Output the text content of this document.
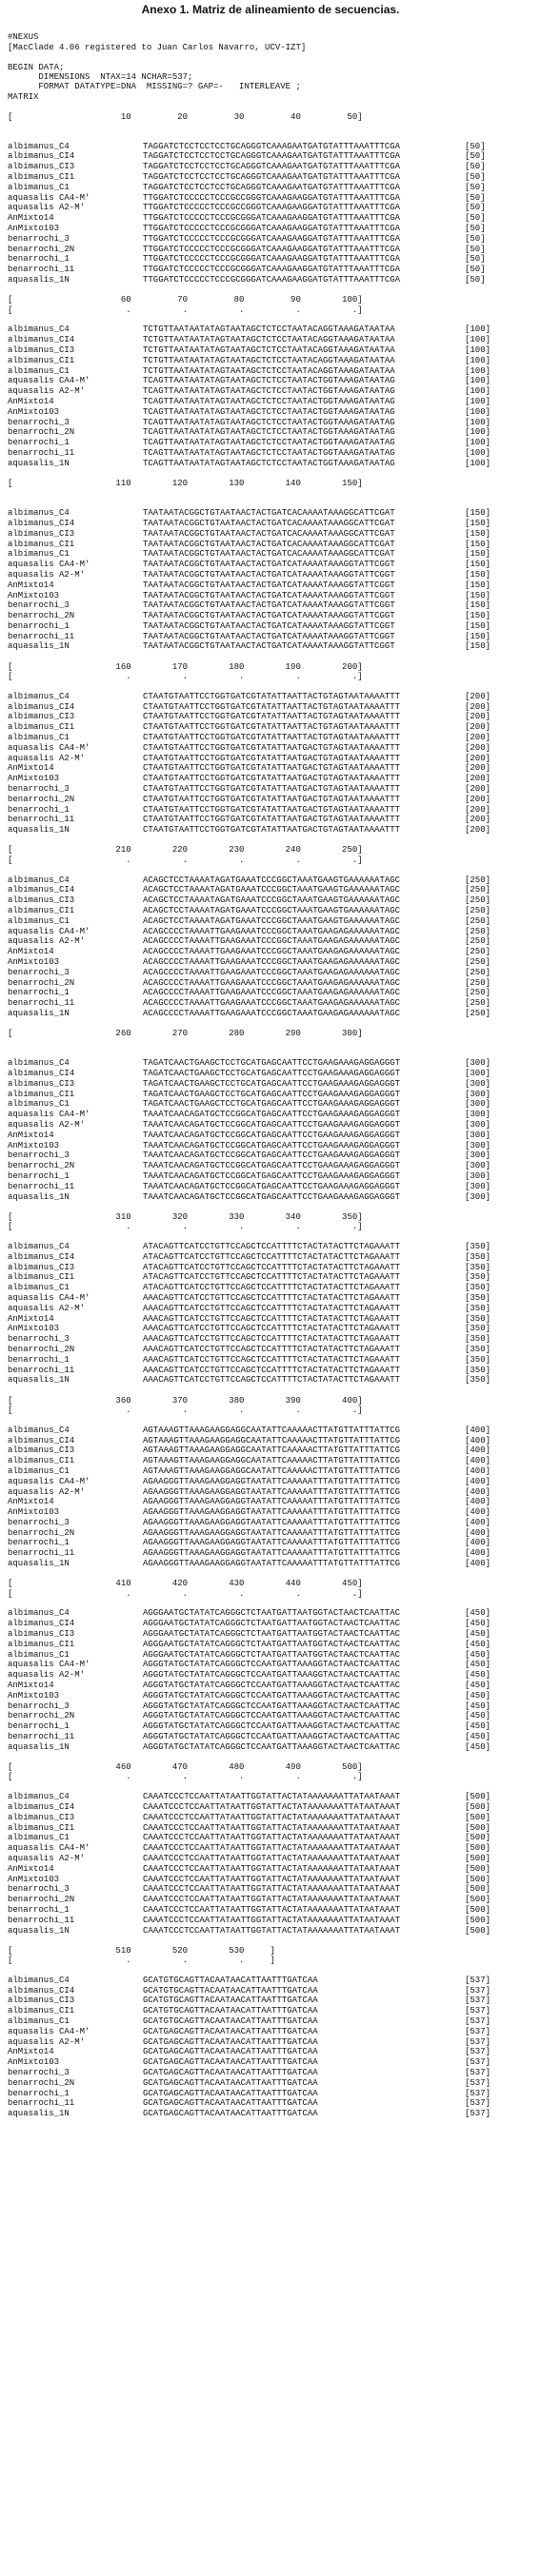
Anexo 1. Matriz de alineamiento de secuencias.
#NEXUS
[MacClade 4.06 registered to Juan Carlos Navarro, UCV-IZT]
BEGIN DATA;
DIMENSIONS  NTAX=14 NCHAR=537;
FORMAT DATATYPE=DNA  MISSING=? GAP=-   INTERLEAVE ;
MATRIX
[                     10         20         30         40         50]
albimanus_C4	TAGGATCTCCTCCTCCTGCAGGGTCAAAGAATGATGTATTTAAATTTCGA	[50]
albimanus_CI4	TAGGATCTCCTCCTCCTGCAGGGTCAAAGAATGATGTATTTAAATTTCGA	[50]
albimanus_CI3	TAGGATCTCCTCCTCCTGCAGGGTCAAAGAATGATGTATTTAAATTTCGA	[50]
albimanus_CI1	TAGGATCTCCTCCTCCTGCAGGGTCAAAGAATGATGTATTTAAATTTCGA	[50]
albimanus_C1	TAGGATCTCCTCCTCCTGCAGGGTCAAAGAATGATGTATTTAAATTTCGA	[50]
aquasalis CA4-M'	TTGGATCTCCCCCTCCCGCCGGGTCAAAGAAGGATGTATTTAAATTTCGA	[50]
aquasalis A2-M'	TTGGATCTCCCCCTCCCGCCGGGTCAAAGAAGGATGTATTTAAATTTCGA	[50]
AnMixto14	TTGGATCTCCCCCTCCCGCGGGATCAAAGAAGGATGTATTTAAATTTCGA	[50]
AnMixto103	TTGGATCTCCCCCTCCCGCGGGATCAAAGAAGGATGTATTTAAATTTCGA	[50]
benarrochi_3	TTGGATCTCCCCCTCCCGCGGGATCAAAGAAGGATGTATTTAAATTTCGA	[50]
benarrochi_2N	TTGGATCTCCCCCTCCCGCGGGATCAAAGAAGGATGTATTTAAATTTCGA	[50]
benarrochi_1	TTGGATCTCCCCCTCCCGCGGGATCAAAGAAGGATGTATTTAAATTTCGA	[50]
benarrochi_11	TTGGATCTCCCCCTCCCGCGGGATCAAAGAAGGATGTATTTAAATTTCGA	[50]
aquasalis_1N	TTGGATCTCCCCCTCCCGCGGGATCAAAGAAGGATGTATTTAAATTTCGA	[50]
[                     60         70         80         90        100]
[                      .          .          .          .          .]
albimanus_C4	TCTGTTAATAATATAGTAATAGCTCTCCTAATACAGGTAAAGATAATAA	[100]
albimanus_CI4	TCTGTTAATAATATAGTAATAGCTCTCCTAATACAGGTAAAGATAATAA	[100]
albimanus_CI3	TCTGTTAATAATATAGTAATAGCTCTCCTAATACAGGTAAAGATAATAA	[100]
albimanus_CI1	TCTGTTAATAATATAGTAATAGCTCTCCTAATACAGGTAAAGATAATAA	[100]
albimanus_C1	TCTGTTAATAATATAGTAATAGCTCTCCTAATACAGGTAAAGATAATAA	[100]
aquasalis CA4-M'	TCAGTTAATAATATAGTAATAGCTCTCCTAATACTGGTAAAGATAATAG	[100]
aquasalis A2-M'	TCAGTTAATAATATAGTAATAGCTCTCCTAATACTGGTAAAGATAATAG	[100]
AnMixto14	TCAGTTAATAATATAGTAATAGCTCTCCTAATACTGGTAAAGATAATAG	[100]
AnMixto103	TCAGTTAATAATATAGTAATAGCTCTCCTAATACTGGTAAAGATAATAG	[100]
benarrochi_3	TCAGTTAATAATATAGTAATAGCTCTCCTAATACTGGTAAAGATAATAG	[100]
benarrochi_2N	TCAGTTAATAATATAGTAATAGCTCTCCTAATACTGGTAAAGATAATAG	[100]
benarrochi_1	TCAGTTAATAATATAGTAATAGCTCTCCTAATACTGGTAAAGATAATAG	[100]
benarrochi_11	TCAGTTAATAATATAGTAATAGCTCTCCTAATACTGGTAAAGATAATAG	[100]
aquasalis_1N	TCAGTTAATAATATAGTAATAGCTCTCCTAATACTGGTAAAGATAATAG	[100]
[                    110        120        130        140        150]
albimanus_C4	TAATAATACGGCTGTAATAACTACTGATCACAAAATAAAGGCATTCGAT	[150]
albimanus_CI4	TAATAATACGGCTGTAATAACTACTGATCACAAAATAAAGGCATTCGAT	[150]
albimanus_CI3	TAATAATACGGCTGTAATAACTACTGATCACAAAATAAAGGCATTCGAT	[150]
albimanus_CI1	TAATAATACGGCTGTAATAACTACTGATCACAAAATAAAGGCATTCGAT	[150]
albimanus_C1	TAATAATACGGCTGTAATAACTACTGATCACAAAATAAAGGCATTCGAT	[150]
aquasalis CA4-M'	TAATAATACGGCTGTAATAACTACTGATCATAAAATAAAGGTATTCGGT	[150]
aquasalis A2-M'	TAATAATACGGCTGTAATAACTACTGATCATAAAATAAAGGTATTCGGT	[150]
AnMixto14	TAATAATACGGCTGTAATAACTACTGATCATAAAATAAAGGTATTCGGT	[150]
AnMixto103	TAATAATACGGCTGTAATAACTACTGATCATAAAATAAAGGTATTCGGT	[150]
benarrochi_3	TAATAATACGGCTGTAATAACTACTGATCATAAAATAAAGGTATTCGGT	[150]
benarrochi_2N	TAATAATACGGCTGTAATAACTACTGATCATAAAATAAAGGTATTCGGT	[150]
benarrochi_1	TAATAATACGGCTGTAATAACTACTGATCATAAAATAAAGGTATTCGGT	[150]
benarrochi_11	TAATAATACGGCTGTAATAACTACTGATCATAAAATAAAGGTATTCGGT	[150]
aquasalis_1N	TAATAATACGGCTGTAATAACTACTGATCATAAAATAAAGGTATTCGGT	[150]
[                    160        170        180        190        200]
[                      .          .          .          .          .]
albimanus_C4	CTAATGTAATTCCTGGTGATCGTATATTAATTACTGTAGTAATAAAATTT	[200]
albimanus_CI4	CTAATGTAATTCCTGGTGATCGTATATTAATTACTGTAGTAATAAAATTT	[200]
albimanus_CI3	CTAATGTAATTCCTGGTGATCGTATATTAATTACTGTAGTAATAAAATTT	[200]
albimanus_CI1	CTAATGTAATTCCTGGTGATCGTATATTAATTACTGTAGTAATAAAATTT	[200]
albimanus_C1	CTAATGTAATTCCTGGTGATCGTATATTAATTACTGTAGTAATAAAATTT	[200]
aquasalis CA4-M'	CTAATGTAATTCCTGGTGATCGTATATTAATGACTGTAGTAATAAAATTT	[200]
aquasalis A2-M'	CTAATGTAATTCCTGGTGATCGTATATTAATGACTGTAGTAATAAAATTT	[200]
AnMixto14	CTAATGTAATTCCTGGTGATCGTATATTAATGACTGTAGTAATAAAATTT	[200]
AnMixto103	CTAATGTAATTCCTGGTGATCGTATATTAATGACTGTAGTAATAAAATTT	[200]
benarrochi_3	CTAATGTAATTCCTGGTGATCGTATATTAATGACTGTAGTAATAAAATTT	[200]
benarrochi_2N	CTAATGTAATTCCTGGTGATCGTATATTAATGACTGTAGTAATAAAATTT	[200]
benarrochi_1	CTAATGTAATTCCTGGTGATCGTATATTAATGACTGTAGTAATAAAATTT	[200]
benarrochi_11	CTAATGTAATTCCTGGTGATCGTATATTAATGACTGTAGTAATAAAATTT	[200]
aquasalis_1N	CTAATGTAATTCCTGGTGATCGTATATTAATGACTGTAGTAATAAAATTT	[200]
[                    210        220        230        240        250]
[                      .          .          .          .          .]
albimanus_C4	ACAGCTCCTAAAATAGATGAAATCCCGGCTAAATGAAGTGAAAAAATAGC	[250]
albimanus_CI4	ACAGCTCCTAAAATAGATGAAATCCCGGCTAAATGAAGTGAAAAAATAGC	[250]
albimanus_CI3	ACAGCTCCTAAAATAGATGAAATCCCGGCTAAATGAAGTGAAAAAATAGC	[250]
albimanus_CI1	ACAGCTCCTAAAATAGATGAAATCCCGGCTAAATGAAGTGAAAAAATAGC	[250]
albimanus_C1	ACAGCTCCTAAAATAGATGAAATCCCGGCTAAATGAAGTGAAAAAATAGC	[250]
aquasalis CA4-M'	ACAGCCCCTAAAATTGAAGAAATCCCGGCTAAATGAAGAGAAAAAATAGC	[250]
aquasalis A2-M'	ACAGCCCCTAAAATTGAAGAAATCCCGGCTAAATGAAGAGAAAAAATAGC	[250]
AnMixto14	ACAGCCCCTAAAATTGAAGAAATCCCGGCTAAATGAAGAGAAAAAATAGC	[250]
AnMixto103	ACAGCCCCTAAAATTGAAGAAATCCCGGCTAAATGAAGAGAAAAAATAGC	[250]
benarrochi_3	ACAGCCCCTAAAATTGAAGAAATCCCGGCTAAATGAAGAGAAAAAATAGC	[250]
benarrochi_2N	ACAGCCCCTAAAATTGAAGAAATCCCGGCTAAATGAAGAGAAAAAATAGC	[250]
benarrochi_1	ACAGCCCCTAAAATTGAAGAAATCCCGGCTAAATGAAGAGAAAAAATAGC	[250]
benarrochi_11	ACAGCCCCTAAAATTGAAGAAATCCCGGCTAAATGAAGAGAAAAAATAGC	[250]
aquasalis_1N	ACAGCCCCTAAAATTGAAGAAATCCCGGCTAAATGAAGAGAAAAAATAGC	[250]
[                    260        270        280        290        300]
albimanus_C4	TAGATCAACTGAAGCTCCTGCATGAGCAATTCCTGAAGAAAGAGGAGGGT	[300]
albimanus_CI4	TAGATCAACTGAAGCTCCTGCATGAGCAATTCCTGAAGAAAGAGGAGGGT	[300]
albimanus_CI3	TAGATCAACTGAAGCTCCTGCATGAGCAATTCCTGAAGAAAGAGGAGGGT	[300]
albimanus_CI1	TAGATCAACTGAAGCTCCTGCATGAGCAATTCCTGAAGAAAGAGGAGGGT	[300]
albimanus_C1	TAGATCAACTGAAGCTCCTGCATGAGCAATTCCTGAAGAAAGAGGAGGGT	[300]
aquasalis CA4-M'	TAAATCAACAGATGCTCCGGCATGAGCAATTCCTGAAGAAAGAGGAGGGT	[300]
aquasalis A2-M'	TAAATCAACAGATGCTCCGGCATGAGCAATTCCTGAAGAAAGAGGAGGGT	[300]
AnMixto14	TAAATCAACAGATGCTCCGGCATGAGCAATTCCTGAAGAAAGAGGAGGGT	[300]
AnMixto103	TAAATCAACAGATGCTCCGGCATGAGCAATTCCTGAAGAAAGAGGAGGGT	[300]
benarrochi_3	TAAATCAACAGATGCTCCGGCATGAGCAATTCCTGAAGAAAGAGGAGGGT	[300]
benarrochi_2N	TAAATCAACAGATGCTCCGGCATGAGCAATTCCTGAAGAAAGAGGAGGGT	[300]
benarrochi_1	TAAATCAACAGATGCTCCGGCATGAGCAATTCCTGAAGAAAGAGGAGGGT	[300]
benarrochi_11	TAAATCAACAGATGCTCCGGCATGAGCAATTCCTGAAGAAAGAGGAGGGT	[300]
aquasalis_1N	TAAATCAACAGATGCTCCGGCATGAGCAATTCCTGAAGAAAGAGGAGGGT	[300]
[                    310        320        330        340        350]
[                      .          .          .          .          .]
albimanus_C4	ATACAGTTCATCCTGTTCCAGCTCCATTTTCTACTATACTTCTAGAAATT	[350]
albimanus_CI4	ATACAGTTCATCCTGTTCCAGCTCCATTTTCTACTATACTTCTAGAAATT	[350]
albimanus_CI3	ATACAGTTCATCCTGTTCCAGCTCCATTTTCTACTATACTTCTAGAAATT	[350]
albimanus_CI1	ATACAGTTCATCCTGTTCCAGCTCCATTTTCTACTATACTTCTAGAAATT	[350]
albimanus_C1	ATACAGTTCATCCTGTTCCAGCTCCATTTTCTACTATACTTCTAGAAATT	[350]
aquasalis CA4-M'	AAACAGTTCATCCTGTTCCAGCTCCATTTTCTACTATACTTCTAGAAATT	[350]
aquasalis A2-M'	AAACAGTTCATCCTGTTCCAGCTCCATTTTCTACTATACTTCTAGAAATT	[350]
AnMixto14	AAACAGTTCATCCTGTTCCAGCTCCATTTTCTACTATACTTCTAGAAATT	[350]
AnMixto103	AAACAGTTCATCCTGTTCCAGCTCCATTTTCTACTATACTTCTAGAAATT	[350]
benarrochi_3	AAACAGTTCATCCTGTTCCAGCTCCATTTTCTACTATACTTCTAGAAATT	[350]
benarrochi_2N	AAACAGTTCATCCTGTTCCAGCTCCATTTTCTACTATACTTCTAGAAATT	[350]
benarrochi_1	AAACAGTTCATCCTGTTCCAGCTCCATTTTCTACTATACTTCTAGAAATT	[350]
benarrochi_11	AAACAGTTCATCCTGTTCCAGCTCCATTTTCTACTATACTTCTAGAAATT	[350]
aquasalis_1N	AAACAGTTCATCCTGTTCCAGCTCCATTTTCTACTATACTTCTAGAAATT	[350]
[                    360        370        380        390        400]
[                      .          .          .          .          .]
albimanus_C4	AGTAAAGTTAAAGAAGGAGGCAATATTCAAAAACTTATGTTATTTATTCG	[400]
albimanus_CI4	AGTAAAGTTAAAGAAGGAGGCAATATTCAAAAACTTATGTTATTTATTCG	[400]
albimanus_CI3	AGTAAAGTTAAAGAAGGAGGCAATATTCAAAAACTTATGTTATTTATTCG	[400]
albimanus_CI1	AGTAAAGTTAAAGAAGGAGGCAATATTCAAAAACTTATGTTATTTATTCG	[400]
albimanus_C1	AGTAAAGTTAAAGAAGGAGGCAATATTCAAAAACTTATGTTATTTATTCG	[400]
aquasalis CA4-M'	AGAAGGGTTAAAGAAGGAGGTAATATTCAAAAATTTATGTTATTTATTCG	[400]
aquasalis A2-M'	AGAAGGGTTAAAGAAGGAGGTAATATTCAAAAATTTATGTTATTTATTCG	[400]
AnMixto14	AGAAGGGTTAAAGAAGGAGGTAATATTCAAAAATTTATGTTATTTATTCG	[400]
AnMixto103	AGAAGGGTTAAAGAAGGAGGTAATATTCAAAAATTTATGTTATTTATTCG	[400]
benarrochi_3	AGAAGGGTTAAAGAAGGAGGTAATATTCAAAAATTTATGTTATTTATTCG	[400]
benarrochi_2N	AGAAGGGTTAAAGAAGGAGGTAATATTCAAAAATTTATGTTATTTATTCG	[400]
benarrochi_1	AGAAGGGTTAAAGAAGGAGGTAATATTCAAAAATTTATGTTATTTATTCG	[400]
benarrochi_11	AGAAGGGTTAAAGAAGGAGGTAATATTCAAAAATTTATGTTATTTATTCG	[400]
aquasalis_1N	AGAAGGGTTAAAGAAGGAGGTAATATTCAAAAATTTATGTTATTTATTCG	[400]
[                    410        420        430        440        450]
[                      .          .          .          .          .]
albimanus_C4	AGGGAATGCTATATCAGGGCTCTAATGATTAATGGTACTAACTCAATTAC	[450]
albimanus_CI4	AGGGAATGCTATATCAGGGCTCTAATGATTAATGGTACTAACTCAATTAC	[450]
albimanus_CI3	AGGGAATGCTATATCAGGGCTCTAATGATTAATGGTACTAACTCAATTAC	[450]
albimanus_CI1	AGGGAATGCTATATCAGGGCTCTAATGATTAATGGTACTAACTCAATTAC	[450]
albimanus_C1	AGGGAATGCTATATCAGGGCTCTAATGATTAATGGTACTAACTCAATTAC	[450]
aquasalis CA4-M'	AGGGTATGCTATATCAGGGCTCCAATGATTAAAGGTACTAACTCAATTAC	[450]
aquasalis A2-M'	AGGGTATGCTATATCAGGGCTCCAATGATTAAAGGTACTAACTCAATTAC	[450]
AnMixto14	AGGGTATGCTATATCAGGGCTCCAATGATTAAAGGTACTAACTCAATTAC	[450]
AnMixto103	AGGGTATGCTATATCAGGGCTCCAATGATTAAAGGTACTAACTCAATTAC	[450]
benarrochi_3	AGGGTATGCTATATCAGGGCTCCAATGATTAAAGGTACTAACTCAATTAC	[450]
benarrochi_2N	AGGGTATGCTATATCAGGGCTCCAATGATTAAAGGTACTAACTCAATTAC	[450]
benarrochi_1	AGGGTATGCTATATCAGGGCTCCAATGATTAAAGGTACTAACTCAATTAC	[450]
benarrochi_11	AGGGTATGCTATATCAGGGCTCCAATGATTAAAGGTACTAACTCAATTAC	[450]
aquasalis_1N	AGGGTATGCTATATCAGGGCTCCAATGATTAAAGGTACTAACTCAATTAC	[450]
[                    460        470        480        490        500]
[                      .          .          .          .          .]
albimanus_C4	CAAATCCCTCCAATTATAATTGGTATTACTATAAAAAAATTATAATAAAT	[500]
albimanus_CI4	CAAATCCCTCCAATTATAATTGGTATTACTATAAAAAAATTATAATAAAT	[500]
albimanus_CI3	CAAATCCCTCCAATTATAATTGGTATTACTATAAAAAAATTATAATAAAT	[500]
albimanus_CI1	CAAATCCCTCCAATTATAATTGGTATTACTATAAAAAAATTATAATAAAT	[500]
albimanus_C1	CAAATCCCTCCAATTATAATTGGTATTACTATAAAAAAATTATAATAAAT	[500]
aquasalis CA4-M'	CAAATCCCTCCAATTATAATTGGTATTACTATAAAAAAATTATAATAAAT	[500]
aquasalis A2-M'	CAAATCCCTCCAATTATAATTGGTATTACTATAAAAAAATTATAATAAAT	[500]
AnMixto14	CAAATCCCTCCAATTATAATTGGTATTACTATAAAAAAATTATAATAAAT	[500]
AnMixto103	CAAATCCCTCCAATTATAATTGGTATTACTATAAAAAAATTATAATAAAT	[500]
benarrochi_3	CAAATCCCTCCAATTATAATTGGTATTACTATAAAAAAATTATAATAAAT	[500]
benarrochi_2N	CAAATCCCTCCAATTATAATTGGTATTACTATAAAAAAATTATAATAAAT	[500]
benarrochi_1	CAAATCCCTCCAATTATAATTGGTATTACTATAAAAAAATTATAATAAAT	[500]
benarrochi_11	CAAATCCCTCCAATTATAATTGGTATTACTATAAAAAAATTATAATAAAT	[500]
aquasalis_1N	CAAATCCCTCCAATTATAATTGGTATTACTATAAAAAAATTATAATAAAT	[500]
[                    510        520        530     ]
[                      .          .          .     ]
albimanus_C4	GCATGTGCAGTTACAATAACATTAATTTGATCAA	[537]
albimanus_CI4	GCATGTGCAGTTACAATAACATTAATTTGATCAA	[537]
albimanus_CI3	GCATGTGCAGTTACAATAACATTAATTTGATCAA	[537]
albimanus_CI1	GCATGTGCAGTTACAATAACATTAATTTGATCAA	[537]
albimanus_C1	GCATGTGCAGTTACAATAACATTAATTTGATCAA	[537]
aquasalis CA4-M'	GCATGAGCAGTTACAATAACATTAATTTGATCAA	[537]
aquasalis A2-M'	GCATGAGCAGTTACAATAACATTAATTTGATCAA	[537]
AnMixto14	GCATGAGCAGTTACAATAACATTAATTTGATCAA	[537]
AnMixto103	GCATGAGCAGTTACAATAACATTAATTTGATCAA	[537]
benarrochi_3	GCATGAGCAGTTACAATAACATTAATTTGATCAA	[537]
benarrochi_2N	GCATGAGCAGTTACAATAACATTAATTTGATCAA	[537]
benarrochi_1	GCATGAGCAGTTACAATAACATTAATTTGATCAA	[537]
benarrochi_11	GCATGAGCAGTTACAATAACATTAATTTGATCAA	[537]
aquasalis_1N	GCATGAGCAGTTACAATAACATTAATTTGATCAA	[537]
